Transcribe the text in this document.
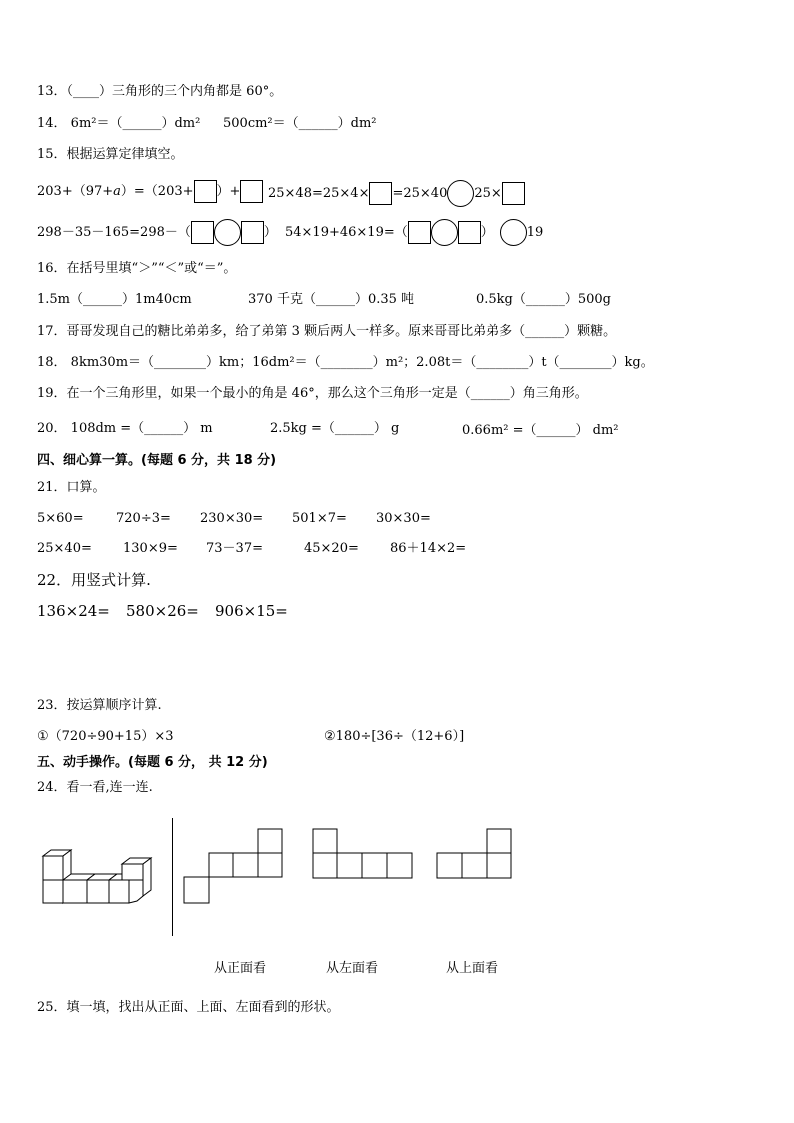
13．（____）三角形的三个内角都是 60°。
14． 6m²＝（______）dm² 500cm²＝（______）dm²
15．根据运算定律填空。
203+（97+a）=（203+ ）+	25×48=25×4× =25×40 25×
298－35－165=298－（	） 54×19+46×19=（	）	19
16．在括号里填“＞”“＜”或“＝”。
1.5m（______）1m40cm	370 千克（______）0.35 吨	0.5kg（______）500g
17．哥哥发现自己的糖比弟弟多，给了弟第 3 颗后两人一样多。原来哥哥比弟弟多（______）颗糖。
18． 8km30m＝（________）km；16dm²＝（________）m²；2.08t＝（________）t（________）kg。
19．在一个三角形里，如果一个最小的角是 46°，那么这个三角形一定是（______）角三角形。
20． 108dm =（______） m	2.5kg =（______） g	0.66m² =（______） dm²
四、细心算一算。(每题 6 分，共 18 分)
21．口算。
5×60= 720÷3= 230×30= 501×7= 30×30=
25×40= 130×9= 73－37=	45×20= 86＋14×2=
22．用竖式计算.
136×24= 580×26= 906×15=
23．按运算顺序计算.
①（720÷90+15）×3	②180÷[36÷（12+6）]
五、动手操作。(每题 6 分， 共 12 分)
24．看一看,连一连.
从正面看	从左面看	从上面看
25．填一填，找出从正面、上面、左面看到的形状。
